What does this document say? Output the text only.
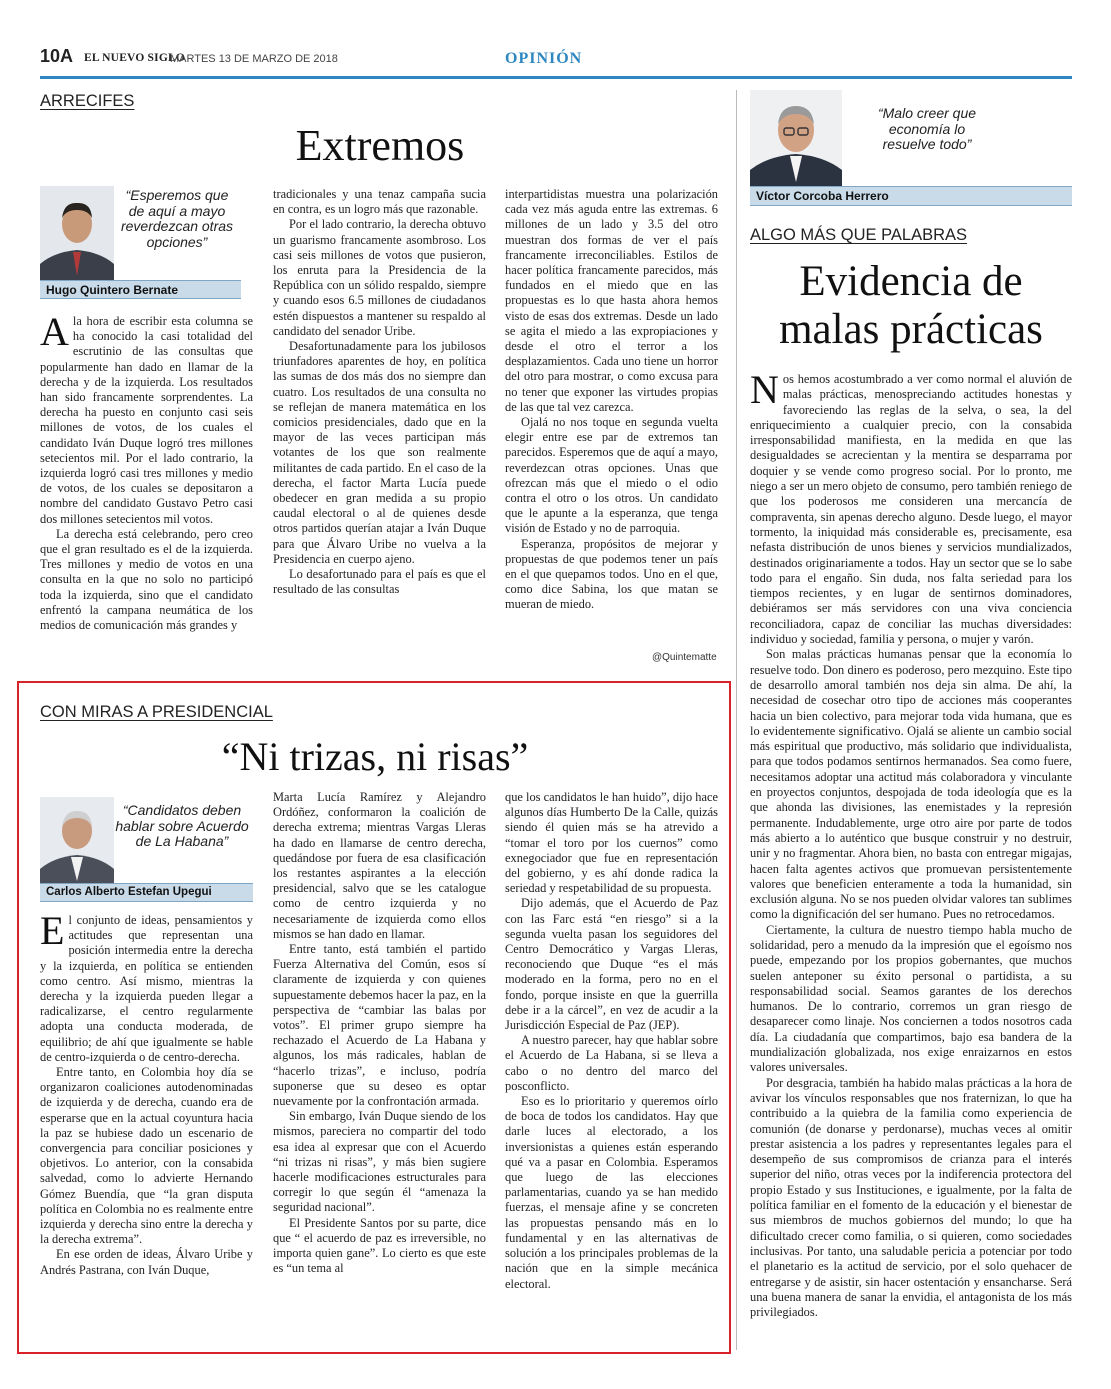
10A EL NUEVO SIGLO
MARTES 13 DE MARZO DE 2018	OPINIÓN
ARRECIFES
Extremos
“Esperemos que de aquí a mayo reverdezcan otras opciones”
Hugo Quintero Bernate

Ala hora de escribir esta columna se ha conocido la casi totalidad del escrutinio de las consultas que popularmente han dado en llamar de la derecha y de la izquierda. Los resultados han sido francamente sorprendentes. La derecha ha puesto en conjunto casi seis millones de votos, de los cuales el candidato Iván Duque logró tres millones setecientos mil. Por el lado contrario, la izquierda logró casi tres millones y medio de votos, de los cuales se depositaron a nombre del candidato Gustavo Petro casi dos millones setecientos mil votos.

La derecha está celebrando, pero creo que el gran resultado es el de la izquierda. Tres millones y medio de votos en una consulta en la que no solo no participó toda la izquierda, sino que el candidato enfrentó la campana neumática de los medios de comunicación más grandes y

tradicionales y una tenaz campaña sucia en contra, es un logro más que razonable.

Por el lado contrario, la derecha obtuvo un guarismo francamente asombroso. Los casi seis millones de votos que pusieron, los enruta para la Presidencia de la República con un sólido respaldo, siempre y cuando esos 6.5 millones de ciudadanos estén dispuestos a mantener su respaldo al candidato del senador Uribe.

Desafortunadamente para los jubilosos triunfadores aparentes de hoy, en política las sumas de dos más dos no siempre dan cuatro. Los resultados de una consulta no se reflejan de manera matemática en los comicios presidenciales, dado que en la mayor de las veces participan más votantes de los que son realmente militantes de cada partido. En el caso de la derecha, el factor Marta Lucía puede obedecer en gran medida a su propio caudal electoral o al de quienes desde otros partidos querían atajar a Iván Duque para que Álvaro Uribe no vuelva a la Presidencia en cuerpo ajeno.

Lo desafortunado para el país es que el resultado de las consultas

interpartidistas muestra una polarización cada vez más aguda entre las extremas. 6 millones de un lado y 3.5 del otro muestran dos formas de ver el país francamente irreconciliables. Estilos de hacer política francamente parecidos, más fundados en el miedo que en las propuestas es lo que hasta ahora hemos visto de esas dos extremas. Desde un lado se agita el miedo a las expropiaciones y desde el otro el terror a los desplazamientos. Cada uno tiene un horror del otro para mostrar, o como excusa para no tener que exponer las virtudes propias de las que tal vez carezca.

Ojalá no nos toque en segunda vuelta elegir entre ese par de extremos tan parecidos. Esperemos que de aquí a mayo, reverdezcan otras opciones. Unas que ofrezcan más que el miedo o el odio contra el otro o los otros. Un candidato que le apunte a la esperanza, que tenga visión de Estado y no de parroquia.

Esperanza, propósitos de mejorar y propuestas de que podemos tener un país en el que quepamos todos. Uno en el que, como dice Sabina, los que matan se mueran de miedo.

@Quintematte
CON MIRAS A PRESIDENCIAL
“Ni trizas, ni risas”
“Candidatos deben hablar sobre Acuerdo de La Habana”
Carlos Alberto Estefan Upegui

El conjunto de ideas, pensamientos y actitudes que representan una posición intermedia entre la derecha y la izquierda, en política se entienden como centro. Así mismo, mientras la derecha y la izquierda pueden llegar a radicalizarse, el centro regularmente adopta una conducta moderada, de equilibrio; de ahí que igualmente se hable de centro-izquierda o de centro-derecha.

Entre tanto, en Colombia hoy día se organizaron coaliciones autodenominadas de izquierda y de derecha, cuando era de esperarse que en la actual coyuntura hacia la paz se hubiese dado un escenario de convergencia para conciliar posiciones y objetivos. Lo anterior, con la consabida salvedad, como lo advierte Hernando Gómez Buendía, que “la gran disputa política en Colombia no es realmente entre izquierda y derecha sino entre la derecha y la derecha extrema”.

En ese orden de ideas, Álvaro Uribe y Andrés Pastrana, con Iván Duque,

Marta Lucía Ramírez y Alejandro Ordóñez, conformaron la coalición de derecha extrema; mientras Vargas Lleras ha dado en llamarse de centro derecha, quedándose por fuera de esa clasificación los restantes aspirantes a la elección presidencial, salvo que se les catalogue como de centro izquierda y no necesariamente de izquierda como ellos mismos se han dado en llamar.

Entre tanto, está también el partido Fuerza Alternativa del Común, esos sí claramente de izquierda y con quienes supuestamente debemos hacer la paz, en la perspectiva de “cambiar las balas por votos”. El primer grupo siempre ha rechazado el Acuerdo de La Habana y algunos, los más radicales, hablan de “hacerlo trizas”, e incluso, podría suponerse que su deseo es optar nuevamente por la confrontación armada.

Sin embargo, Iván Duque siendo de los mismos, pareciera no compartir del todo esa idea al expresar que con el Acuerdo “ni trizas ni risas”, y más bien sugiere hacerle modificaciones estructurales para corregir lo que según él “amenaza la seguridad nacional”.

El Presidente Santos por su parte, dice que “ el acuerdo de paz es irreversible, no importa quien gane”. Lo cierto es que este es “un tema al

que los candidatos le han huido”, dijo hace algunos días Humberto De la Calle, quizás siendo él quien más se ha atrevido a “tomar el toro por los cuernos” como exnegociador que fue en representación del gobierno, y es ahí donde radica la seriedad y respetabilidad de su propuesta.

Dijo además, que el Acuerdo de Paz con las Farc está “en riesgo” si a la segunda vuelta pasan los seguidores del Centro Democrático y Vargas Lleras, reconociendo que Duque “es el más moderado en la forma, pero no en el fondo, porque insiste en que la guerrilla debe ir a la cárcel”, en vez de acudir a la Jurisdicción Especial de Paz (JEP).

A nuestro parecer, hay que hablar sobre el Acuerdo de La Habana, si se lleva a cabo o no dentro del marco del posconflicto.

Eso es lo prioritario y queremos oírlo de boca de todos los candidatos. Hay que darle luces al electorado, a los inversionistas a quienes están esperando qué va a pasar en Colombia. Esperamos que luego de las elecciones parlamentarias, cuando ya se han medido fuerzas, el mensaje afine y se concreten las propuestas pensando más en lo fundamental y en las alternativas de solución a los principales problemas de la nación que en la simple mecánica electoral.

“Malo creer que economía lo resuelve todo”
Víctor Corcoba Herrero
ALGO MÁS QUE PALABRAS
Evidencia de
malas prácticas

Nos hemos acostumbrado a ver como normal el aluvión de malas prácticas, menospreciando actitudes honestas y favoreciendo las reglas de la selva, o sea, la del enriquecimiento a cualquier precio, con la consabida irresponsabilidad manifiesta, en la medida en que las desigualdades se acrecientan y la mentira se desparrama por doquier y se vende como progreso social. Por lo pronto, me niego a ser un mero objeto de consumo, pero también reniego de que los poderosos me consideren una mercancía de compraventa, sin apenas derecho alguno. Desde luego, el mayor tormento, la iniquidad más considerable es, precisamente, esa nefasta distribución de unos bienes y servicios mundializados, destinados originariamente a todos. Hay un sector que se lo sabe todo para el engaño. Sin duda, nos falta seriedad para los tiempos recientes, y en lugar de sentirnos dominadores, debiéramos ser más servidores con una viva conciencia reconciliadora, capaz de conciliar las muchas diversidades: individuo y sociedad, familia y persona, o mujer y varón.

Son malas prácticas humanas pensar que la economía lo resuelve todo. Don dinero es poderoso, pero mezquino. Este tipo de desarrollo amoral también nos deja sin alma. De ahí, la necesidad de cosechar otro tipo de acciones más cooperantes hacia un bien colectivo, para mejorar toda vida humana, que es lo evidentemente significativo. Ojalá se aliente un cambio social más espiritual que productivo, más solidario que individualista, para que todos podamos sentirnos hermanados. Sea como fuere, necesitamos adoptar una actitud más colaboradora y vinculante en proyectos conjuntos, despojada de toda ideología que es la que ahonda las divisiones, las enemistades y la represión permanente. Indudablemente, urge otro aire por parte de todos más abierto a lo auténtico que busque construir y no destruir, unir y no fragmentar. Ahora bien, no basta con entregar migajas, hacen falta agentes activos que promuevan persistentemente valores que beneficien enteramente a toda la humanidad, sin exclusión alguna. No se nos pueden olvidar valores tan sublimes como la dignificación del ser humano. Pues no retrocedamos.

Ciertamente, la cultura de nuestro tiempo habla mucho de solidaridad, pero a menudo da la impresión que el egoísmo nos puede, empezando por los propios gobernantes, que muchos suelen anteponer su éxito personal o partidista, a su responsabilidad social. Seamos garantes de los derechos humanos. De lo contrario, corremos un gran riesgo de desaparecer como linaje. Nos conciernen a todos nosotros cada día. La ciudadanía que compartimos, bajo esa bandera de la mundialización globalizada, nos exige enraizarnos en estos valores universales.

Por desgracia, también ha habido malas prácticas a la hora de avivar los vínculos responsables que nos fraternizan, lo que ha contribuido a la quiebra de la familia como experiencia de comunión (de donarse y perdonarse), muchas veces al omitir prestar asistencia a los padres y representantes legales para el desempeño de sus compromisos de crianza para el interés superior del niño, otras veces por la indiferencia protectora del propio Estado y sus Instituciones, e igualmente, por la falta de política familiar en el fomento de la educación y el bienestar de sus miembros de muchos gobiernos del mundo; lo que ha dificultado crecer como familia, o si quieren, como sociedades inclusivas. Por tanto, una saludable pericia a potenciar por todo el planetario es la actitud de servicio, por el solo quehacer de entregarse y de asistir, sin hacer ostentación y ensancharse. Será una buena manera de sanar la envidia, el antagonista de los más privilegiados.
